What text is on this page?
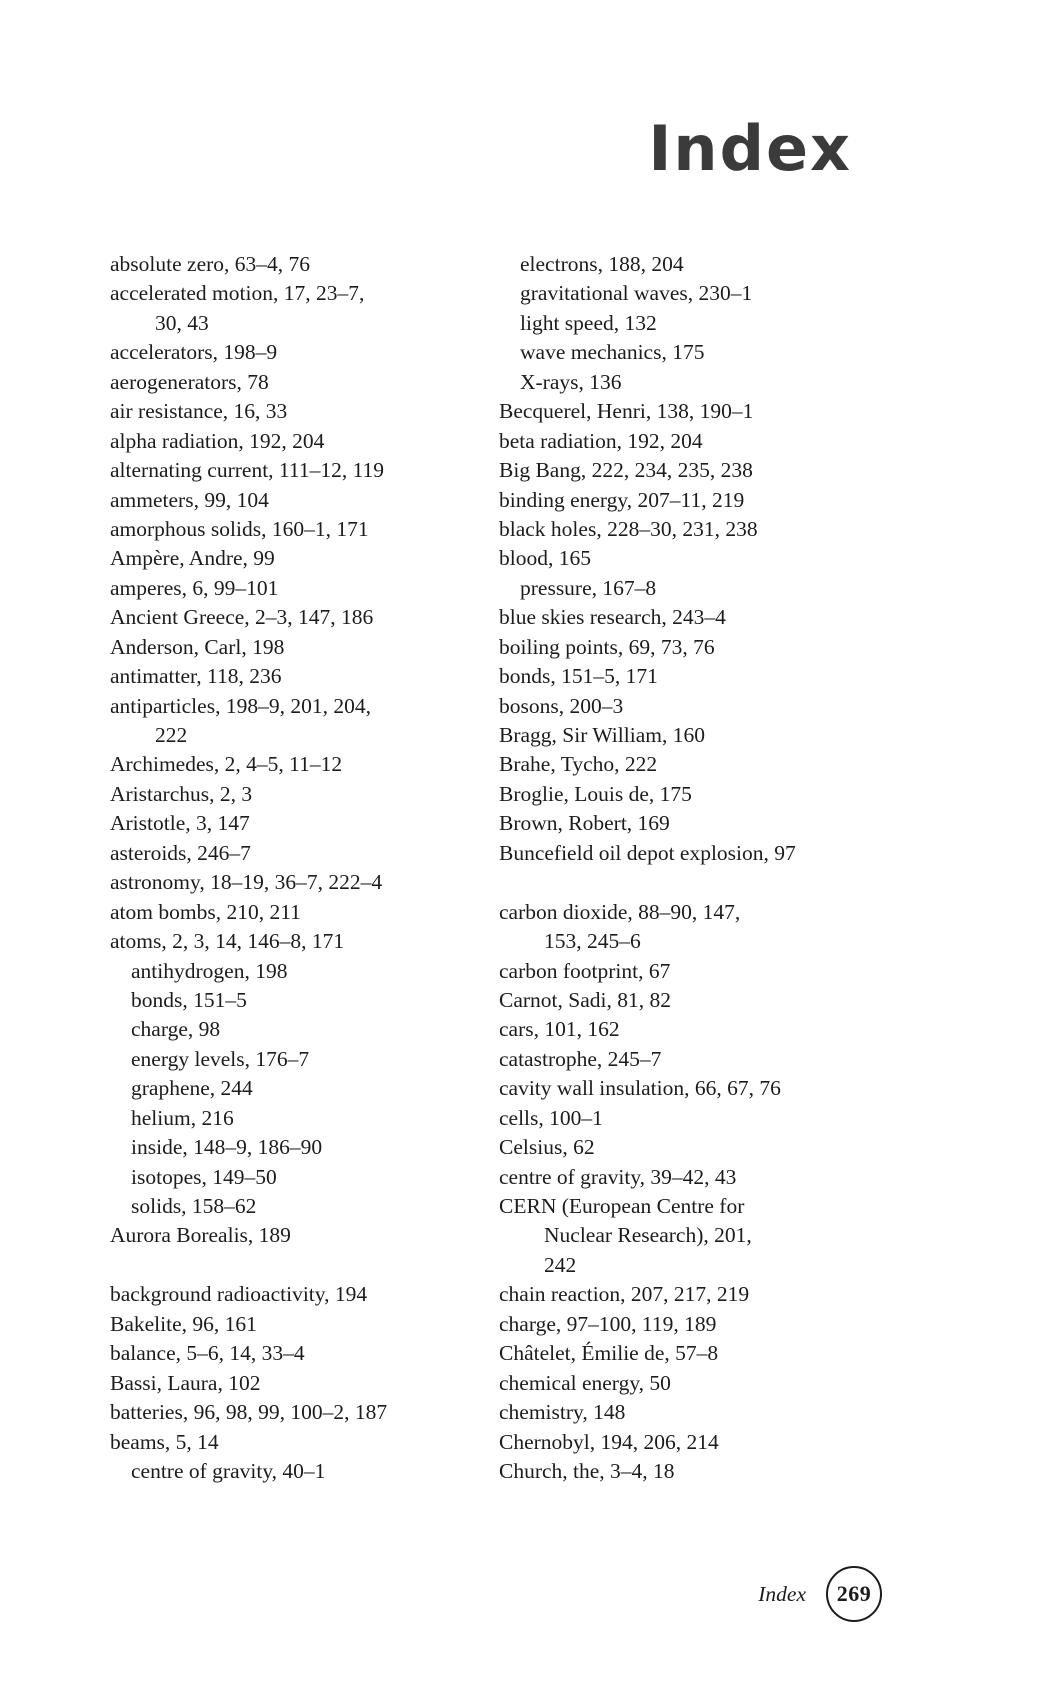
Index
absolute zero, 63–4, 76
accelerated motion, 17, 23–7,
30, 43
accelerators, 198–9
aerogenerators, 78
air resistance, 16, 33
alpha radiation, 192, 204
alternating current, 111–12, 119
ammeters, 99, 104
amorphous solids, 160–1, 171
Ampère, Andre, 99
amperes, 6, 99–101
Ancient Greece, 2–3, 147, 186
Anderson, Carl, 198
antimatter, 118, 236
antiparticles, 198–9, 201, 204,
222
Archimedes, 2, 4–5, 11–12
Aristarchus, 2, 3
Aristotle, 3, 147
asteroids, 246–7
astronomy, 18–19, 36–7, 222–4
atom bombs, 210, 211
atoms, 2, 3, 14, 146–8, 171
antihydrogen, 198
bonds, 151–5
charge, 98
energy levels, 176–7
graphene, 244
helium, 216
inside, 148–9, 186–90
isotopes, 149–50
solids, 158–62
Aurora Borealis, 189
background radioactivity, 194
Bakelite, 96, 161
balance, 5–6, 14, 33–4
Bassi, Laura, 102
batteries, 96, 98, 99, 100–2, 187
beams, 5, 14
centre of gravity, 40–1
electrons, 188, 204
gravitational waves, 230–1
light speed, 132
wave mechanics, 175
X-rays, 136
Becquerel, Henri, 138, 190–1
beta radiation, 192, 204
Big Bang, 222, 234, 235, 238
binding energy, 207–11, 219
black holes, 228–30, 231, 238
blood, 165
pressure, 167–8
blue skies research, 243–4
boiling points, 69, 73, 76
bonds, 151–5, 171
bosons, 200–3
Bragg, Sir William, 160
Brahe, Tycho, 222
Broglie, Louis de, 175
Brown, Robert, 169
Buncefield oil depot explosion, 97
carbon dioxide, 88–90, 147,
153, 245–6
carbon footprint, 67
Carnot, Sadi, 81, 82
cars, 101, 162
catastrophe, 245–7
cavity wall insulation, 66, 67, 76
cells, 100–1
Celsius, 62
centre of gravity, 39–42, 43
CERN (European Centre for
Nuclear Research), 201,
242
chain reaction, 207, 217, 219
charge, 97–100, 119, 189
Châtelet, Émilie de, 57–8
chemical energy, 50
chemistry, 148
Chernobyl, 194, 206, 214
Church, the, 3–4, 18
Index 269
